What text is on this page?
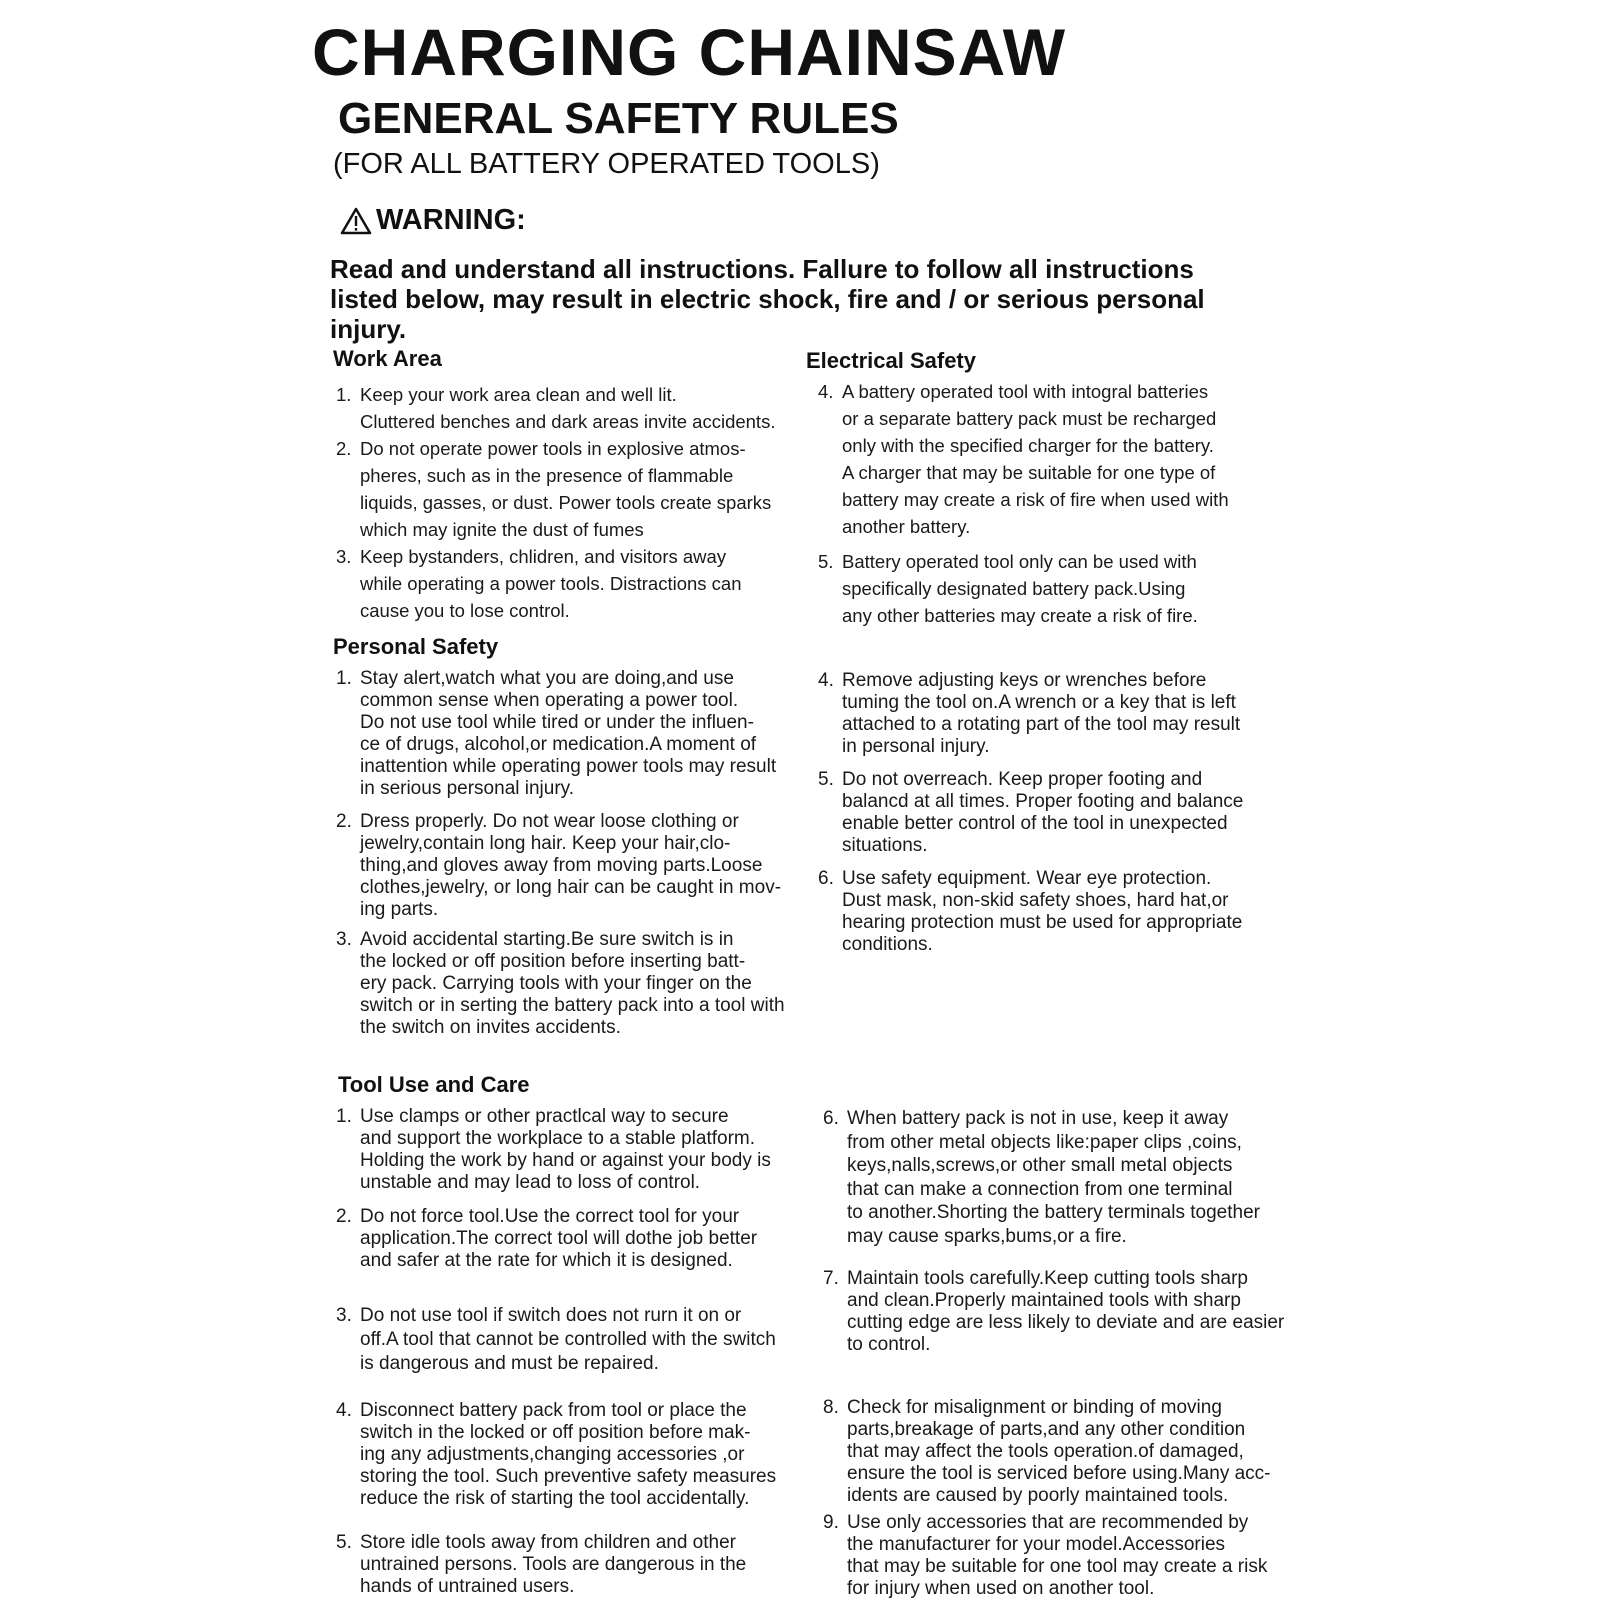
CHARGING CHAINSAW
GENERAL SAFETY RULES
(FOR ALL BATTERY OPERATED TOOLS)
WARNING:
Read and understand all instructions. Fallure to follow all instructions listed below, may result in electric shock, fire and / or serious personal injury.
Work Area
1. Keep your work area clean and well lit.
Cluttered benches and dark areas invite accidents.
2. Do not operate power tools in explosive atmos-
pheres, such as in the presence of flammable
liquids, gasses, or dust. Power tools create sparks
which may ignite the dust of fumes
3. Keep bystanders, chlidren, and visitors away
while operating a power tools. Distractions can
cause you to lose control.
Electrical Safety
4. A battery operated tool with intogral batteries
or a separate battery pack must be recharged
only with the specified charger for the battery.
A charger that may be suitable for one type of
battery may create a risk of fire when used with
another battery.
5. Battery operated tool only can be used with
specifically designated battery pack.Using
any other batteries may create a risk of fire.
Personal Safety
1. Stay alert,watch what you are doing,and use
common sense when operating a power tool.
Do not use tool while tired or under the influen-
ce of drugs, alcohol,or medication.A moment of
inattention while operating power tools may result
in serious personal injury.
2. Dress properly. Do not wear loose clothing or
jewelry,contain long hair. Keep your hair,clo-
thing,and gloves away from moving parts.Loose
clothes,jewelry, or long hair can be caught in mov-
ing parts.
3. Avoid accidental starting.Be sure switch is in
the locked or off position before inserting batt-
ery pack. Carrying tools with your finger on the
switch or in serting the battery pack into a tool with
the switch on invites accidents.
4. Remove adjusting keys or wrenches before
tuming the tool on.A wrench or a key that is left
attached to a rotating part of the tool may result
in personal injury.
5. Do not overreach. Keep proper footing and
balancd at all times. Proper footing and balance
enable better control of the tool in unexpected
situations.
6. Use safety equipment. Wear eye protection.
Dust mask, non-skid safety shoes, hard hat,or
hearing protection must be used for appropriate
conditions.
Tool Use and Care
1. Use clamps or other practlcal way to secure
and support the workplace to a stable platform.
Holding the work by hand or against your body is
unstable and may lead to loss of control.
2. Do not force tool.Use the correct tool for your
application.The correct tool will dothe job better
and safer at the rate for which it is designed.
3. Do not use tool if switch does not rurn it on or
off.A tool that cannot be controlled with the switch
is dangerous and must be repaired.
4. Disconnect battery pack from tool or place the
switch in the locked or off position before mak-
ing any adjustments,changing accessories ,or
storing the tool. Such preventive safety measures
reduce the risk of starting the tool accidentally.
5. Store idle tools away from children and other
untrained persons. Tools are dangerous in the
hands of untrained users.
6. When battery pack is not in use, keep it away
from other metal objects like:paper clips ,coins,
keys,nalls,screws,or other small metal objects
that can make a connection from one terminal
to another.Shorting the battery terminals together
may cause sparks,bums,or a fire.
7. Maintain tools carefully.Keep cutting tools sharp
and clean.Properly maintained tools with sharp
cutting edge are less likely to deviate and are easier
to control.
8. Check for misalignment or binding of moving
parts,breakage of parts,and any other condition
that may affect the tools operation.of damaged,
ensure the tool is serviced before using.Many acc-
idents are caused by poorly maintained tools.
9. Use only accessories that are recommended by
the manufacturer for your model.Accessories
that may be suitable for one tool may create a risk
for injury when used on another tool.
